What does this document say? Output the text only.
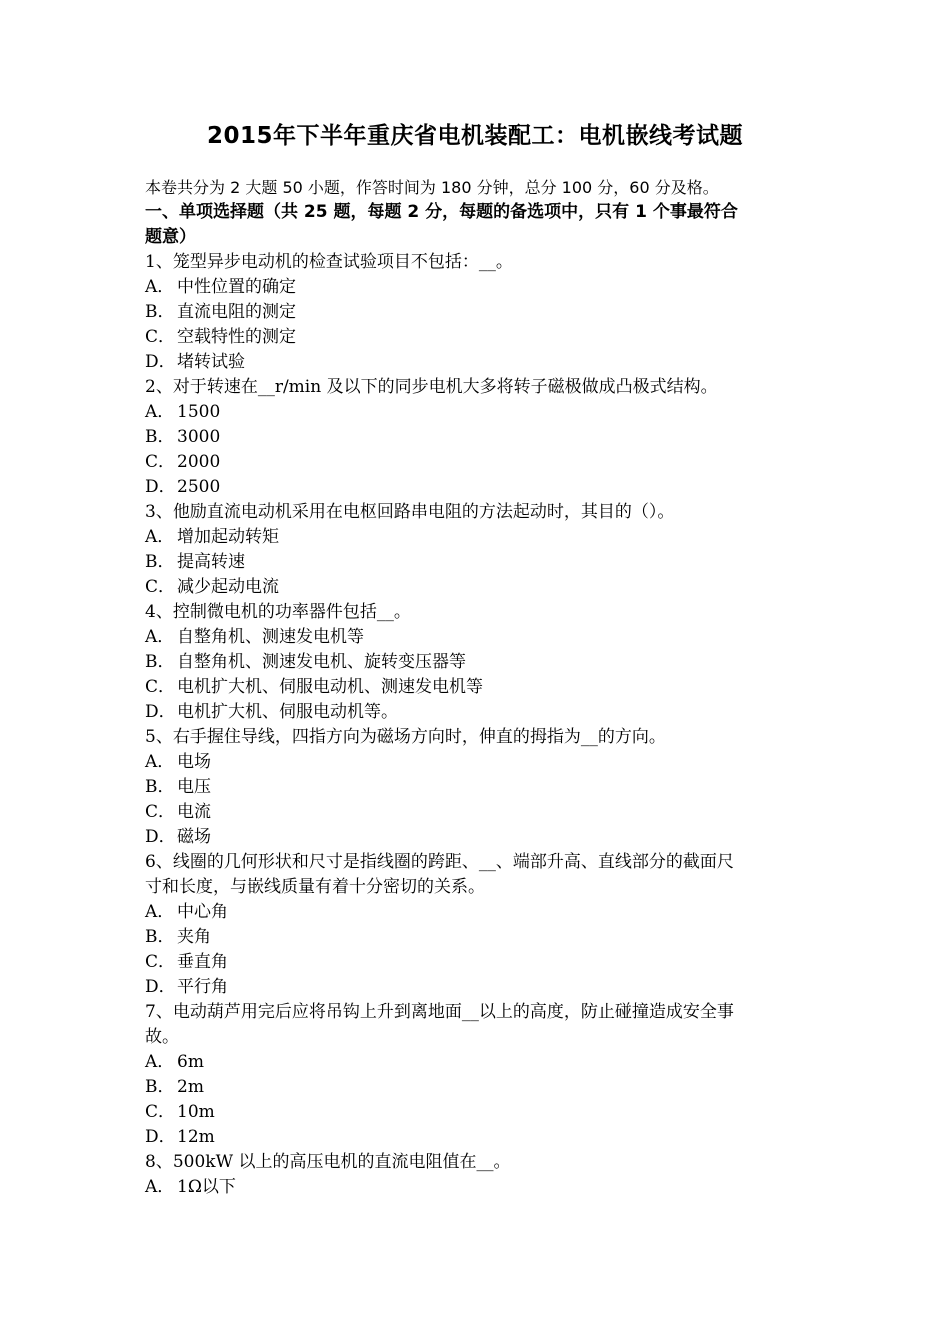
2015年下半年重庆省电机装配工：电机嵌线考试题
本卷共分为 2 大题 50 小题，作答时间为 180 分钟，总分 100 分，60 分及格。
一、单项选择题（共 25 题，每题 2 分，每题的备选项中，只有 1 个事最符合
题意）
1、笼型异步电动机的检查试验项目不包括：__。
A． 中性位置的确定
B． 直流电阻的测定
C． 空载特性的测定
D．堵转试验
2、对于转速在__r/min 及以下的同步电机大多将转子磁极做成凸极式结构。
A． 1500
B． 3000
C． 2000
D．2500
3、他励直流电动机采用在电枢回路串电阻的方法起动时，其目的（）。
A． 增加起动转矩
B． 提高转速
C． 减少起动电流
4、控制微电机的功率器件包括__。
A． 自整角机、测速发电机等
B． 自整角机、测速发电机、旋转变压器等
C． 电机扩大机、伺服电动机、测速发电机等
D．电机扩大机、伺服电动机等。
5、右手握住导线，四指方向为磁场方向时，伸直的拇指为__的方向。
A． 电场
B． 电压
C． 电流
D．磁场
6、线圈的几何形状和尺寸是指线圈的跨距、__、端部升高、直线部分的截面尺
寸和长度，与嵌线质量有着十分密切的关系。
A． 中心角
B． 夹角
C． 垂直角
D．平行角
7、电动葫芦用完后应将吊钩上升到离地面__以上的高度，防止碰撞造成安全事
故。
A． 6m
B． 2m
C． 10m
D．12m
8、500kW 以上的高压电机的直流电阻值在__。
A． 1Ω以下
